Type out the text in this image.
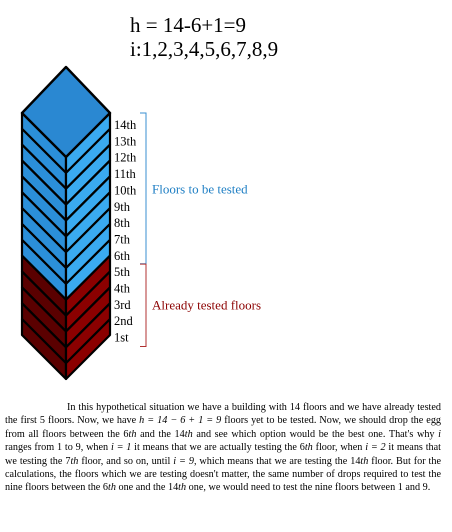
h = 14-6+1=9
i:1,2,3,4,5,6,7,8,9
14th
13th
12th
11th
10th
9th
8th
7th
6th
5th
4th
3rd
2nd
1st
Floors to be tested
Already tested floors

In this hypothetical situation we have a building with 14 floors and we have already tested the first 5 floors. Now, we have h = 14 − 6 + 1 = 9 floors yet to be tested. Now, we should drop the egg from all floors between the 6th and the 14th and see which option would be the best one. That's why i ranges from 1 to 9, when i = 1 it means that we are actually testing the 6th floor, when i = 2 it means that we testing the 7th floor, and so on, until i = 9, which means that we are testing the 14th floor. But for the calculations, the floors which we are testing doesn't matter, the same number of drops required to test the nine floors between the 6th one and the 14th one, we would need to test the nine floors between 1 and 9.
